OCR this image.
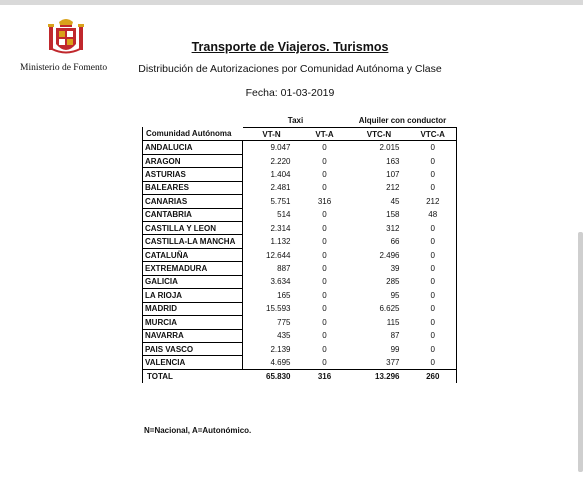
Ministerio de Fomento
Transporte de Viajeros. Turismos
Distribución de Autorizaciones por Comunidad Autónoma y Clase
Fecha: 01-03-2019
	Taxi		Alquiler con conductor	
Comunidad Autónoma	VT-N	VT-A	VTC-N	VTC-A
ANDALUCIA	9.047	0	2.015	0
ARAGON	2.220	0	163	0
ASTURIAS	1.404	0	107	0
BALEARES	2.481	0	212	0
CANARIAS	5.751	316	45	212
CANTABRIA	514	0	158	48
CASTILLA Y LEON	2.314	0	312	0
CASTILLA-LA MANCHA	1.132	0	66	0
CATALUÑA	12.644	0	2.496	0
EXTREMADURA	887	0	39	0
GALICIA	3.634	0	285	0
LA RIOJA	165	0	95	0
MADRID	15.593	0	6.625	0
MURCIA	775	0	115	0
NAVARRA	435	0	87	0
PAIS VASCO	2.139	0	99	0
VALENCIA	4.695	0	377	0
TOTAL	65.830	316	13.296	260
N=Nacional, A=Autonómico.
